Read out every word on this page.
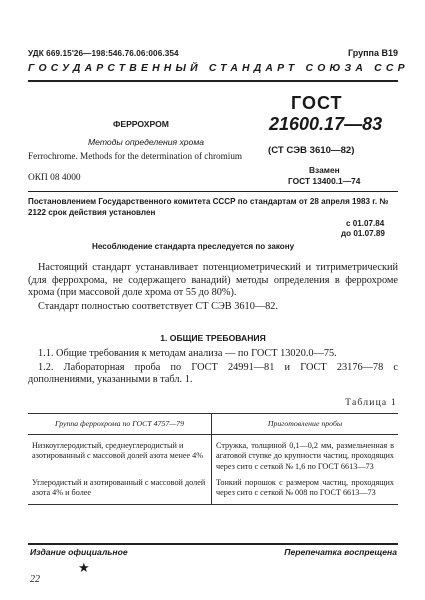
УДК 669.15'26—198:546.76.06:006.354	Группа В19
ГОСУДАРСТВЕННЫЙ СТАНДАРТ СОЮЗА ССР
ФЕРРОХРОМ
Методы определения хрома
Ferrochrome. Methods for the determination of chromium
ОКП 08 4000
ГОСТ
21600.17—83
(СТ СЭВ 3610—82)
Взамен
ГОСТ 13400.1—74
Постановлением Государственного комитета СССР по стандартам от 28 апреля 1983 г. № 2122 срок действия установлен
с 01.07.84
до 01.07.89
Несоблюдение стандарта преследуется по закону

Настоящий стандарт устанавливает потенциометрический и титриметрический (для феррохрома, не содержащего ванадий) методы определения в феррохроме хрома (при массовой доле хрома от 55 до 80%).

Стандарт полностью соответствует СТ СЭВ 3610—82.

1. ОБЩИЕ ТРЕБОВАНИЯ

1.1. Общие требования к методам анализа — по ГОСТ 13020.0—75.

1.2. Лабораторная проба по ГОСТ 24991—81 и ГОСТ 23176—78 с дополнениями, указанными в табл. 1.

Таблица 1
Группа феррохрома по ГОСТ 4757—79	Приготовление пробы
Низкоуглеродистый, среднеуглеродистый и азотированный с массовой долей азота менее 4%	Стружка, толщиной 0,1—0,2 мм, размельченная в агатовой ступке до крупности частиц, проходящих через сито с сеткой № 1,6 по ГОСТ 6613—73
Углеродистый и азотированный с массовой долей азота 4% и более	Тонкий порошок с размером частиц, проходящих через сито с сеткой № 008 по ГОСТ 6613—73
Издание официальное	Перепечатка воспрещена
★
22
